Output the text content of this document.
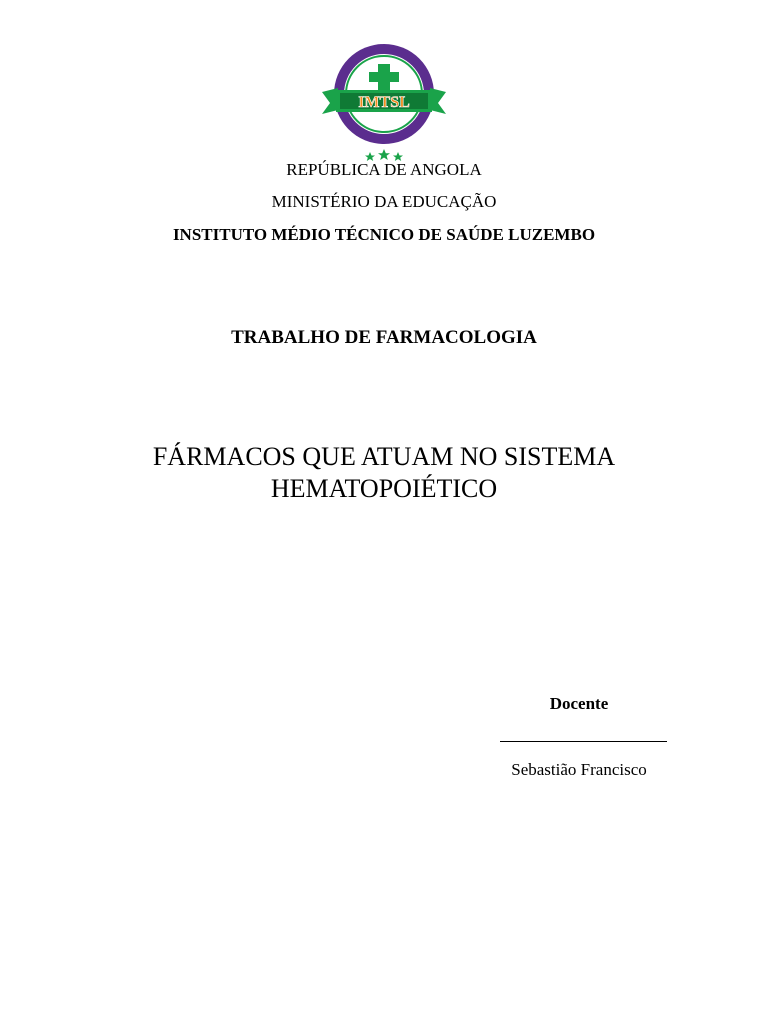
IMTSL
REPÚBLICA DE ANGOLA
MINISTÉRIO DA EDUCAÇÃO
INSTITUTO MÉDIO TÉCNICO DE SAÚDE LUZEMBO
TRABALHO DE FARMACOLOGIA
FÁRMACOS QUE ATUAM NO SISTEMA
HEMATOPOIÉTICO
Docente
Sebastião Francisco
